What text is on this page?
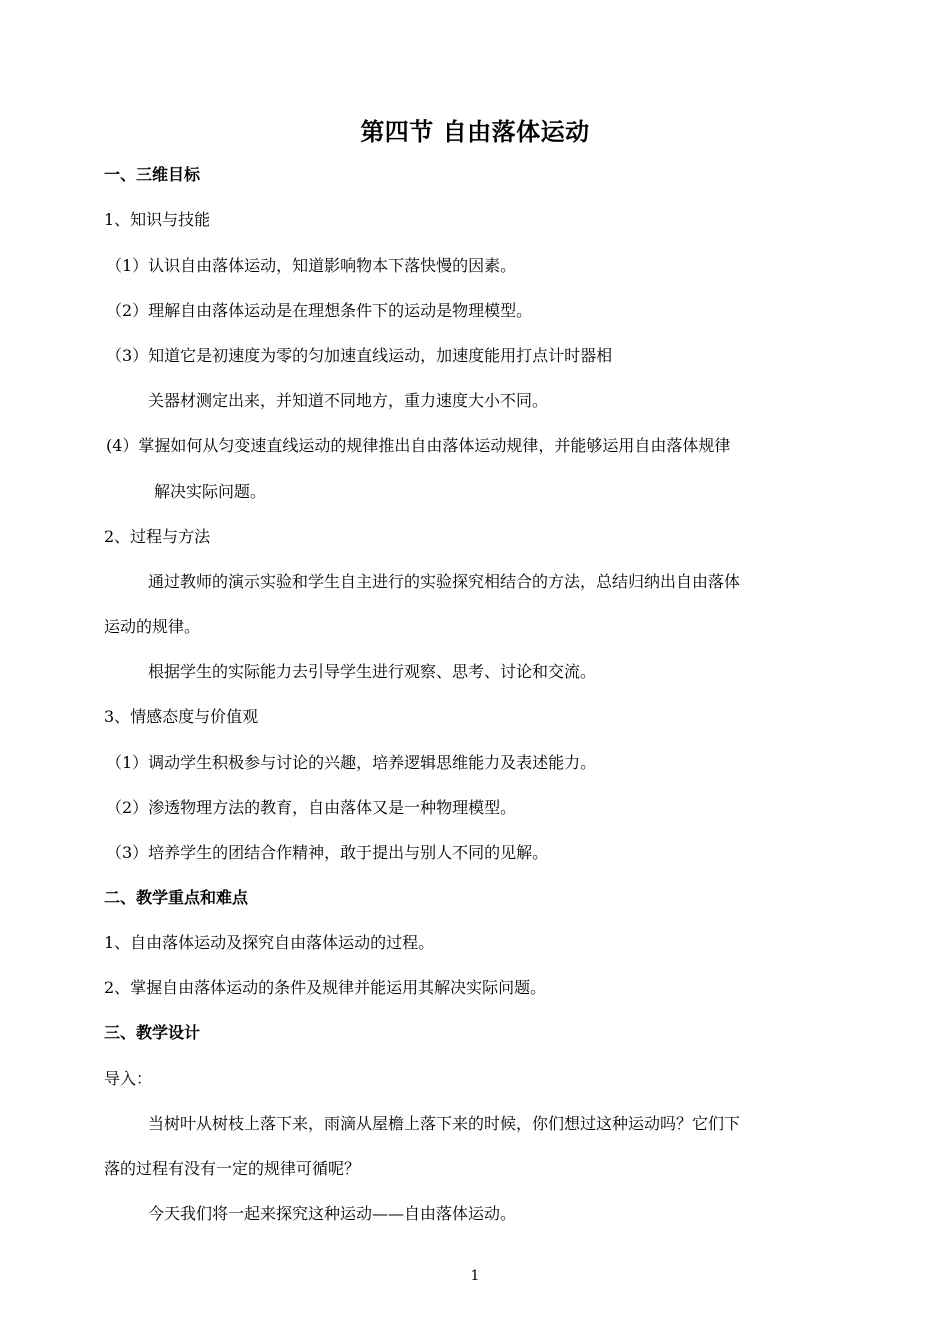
第四节 自由落体运动
一、三维目标
1、知识与技能
（1）认识自由落体运动，知道影响物本下落快慢的因素。
（2）理解自由落体运动是在理想条件下的运动是物理模型。
（3）知道它是初速度为零的匀加速直线运动，加速度能用打点计时器相
关器材测定出来，并知道不同地方，重力速度大小不同。
(4）掌握如何从匀变速直线运动的规律推出自由落体运动规律，并能够运用自由落体规律
解决实际问题。
2、过程与方法
通过教师的演示实验和学生自主进行的实验探究相结合的方法，总结归纳出自由落体
运动的规律。
根据学生的实际能力去引导学生进行观察、思考、讨论和交流。
3、情感态度与价值观
（1）调动学生积极参与讨论的兴趣，培养逻辑思维能力及表述能力。
（2）渗透物理方法的教育，自由落体又是一种物理模型。
（3）培养学生的团结合作精神，敢于提出与别人不同的见解。
二、教学重点和难点
1、自由落体运动及探究自由落体运动的过程。
2、掌握自由落体运动的条件及规律并能运用其解决实际问题。
三、教学设计
导入：
当树叶从树枝上落下来，雨滴从屋檐上落下来的时候，你们想过这种运动吗？它们下
落的过程有没有一定的规律可循呢？
今天我们将一起来探究这种运动——自由落体运动。
1
